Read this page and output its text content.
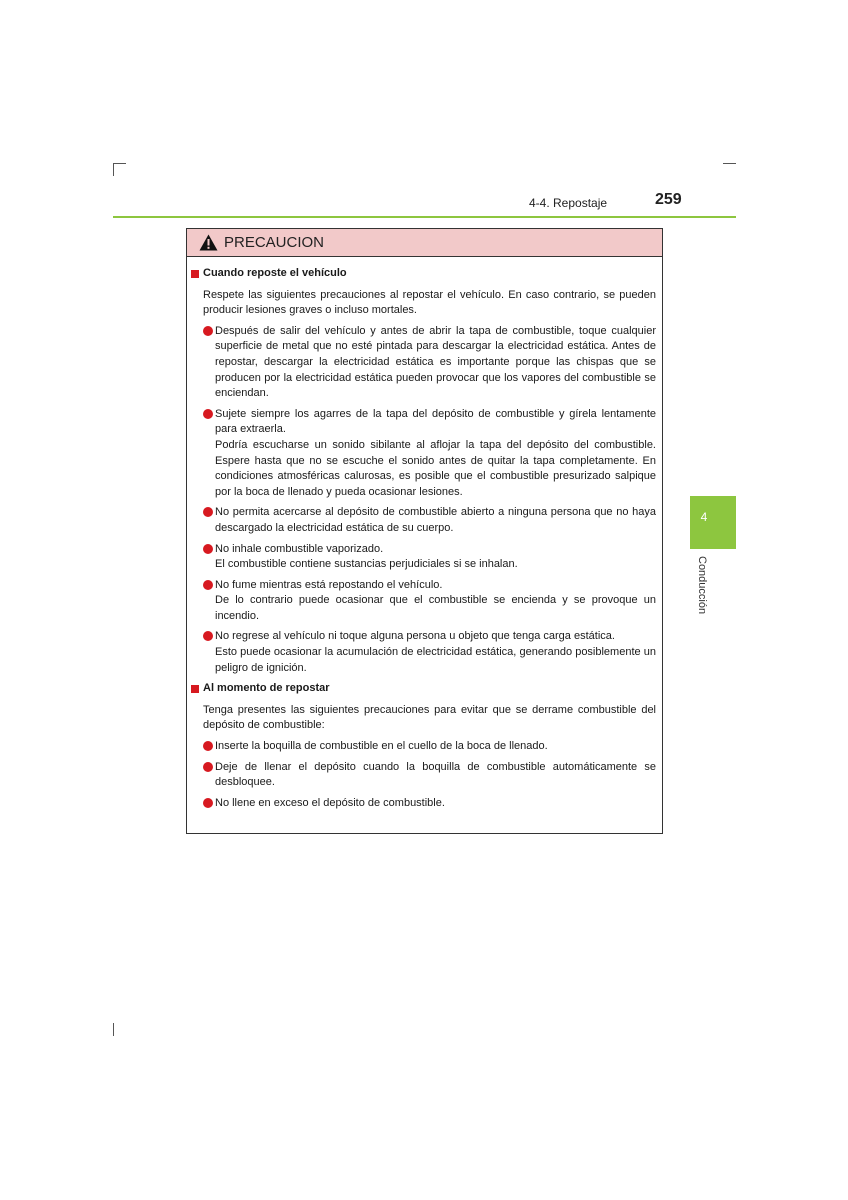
4-4. Repostaje	259
4
Conducción
PRECAUCION
Cuando reposte el vehículo
Respete las siguientes precauciones al repostar el vehículo. En caso contrario, se pueden producir lesiones graves o incluso mortales.
Después de salir del vehículo y antes de abrir la tapa de combustible, toque cualquier superficie de metal que no esté pintada para descargar la electricidad estática. Antes de repostar, descargar la electricidad estática es importante porque las chispas que se producen por la electricidad estática pueden provocar que los vapores del combustible se enciendan.
Sujete siempre los agarres de la tapa del depósito de combustible y gírela lentamente para extraerla.
Podría escucharse un sonido sibilante al aflojar la tapa del depósito del combustible. Espere hasta que no se escuche el sonido antes de quitar la tapa completamente. En condiciones atmosféricas calurosas, es posible que el combustible presurizado salpique por la boca de llenado y pueda ocasionar lesiones.
No permita acercarse al depósito de combustible abierto a ninguna persona que no haya descargado la electricidad estática de su cuerpo.
No inhale combustible vaporizado.
El combustible contiene sustancias perjudiciales si se inhalan.
No fume mientras está repostando el vehículo.
De lo contrario puede ocasionar que el combustible se encienda y se provoque un incendio.
No regrese al vehículo ni toque alguna persona u objeto que tenga carga estática.
Esto puede ocasionar la acumulación de electricidad estática, generando posiblemente un peligro de ignición.
Al momento de repostar
Tenga presentes las siguientes precauciones para evitar que se derrame combustible del depósito de combustible:
Inserte la boquilla de combustible en el cuello de la boca de llenado.
Deje de llenar el depósito cuando la boquilla de combustible automáticamente se desbloquee.
No llene en exceso el depósito de combustible.
